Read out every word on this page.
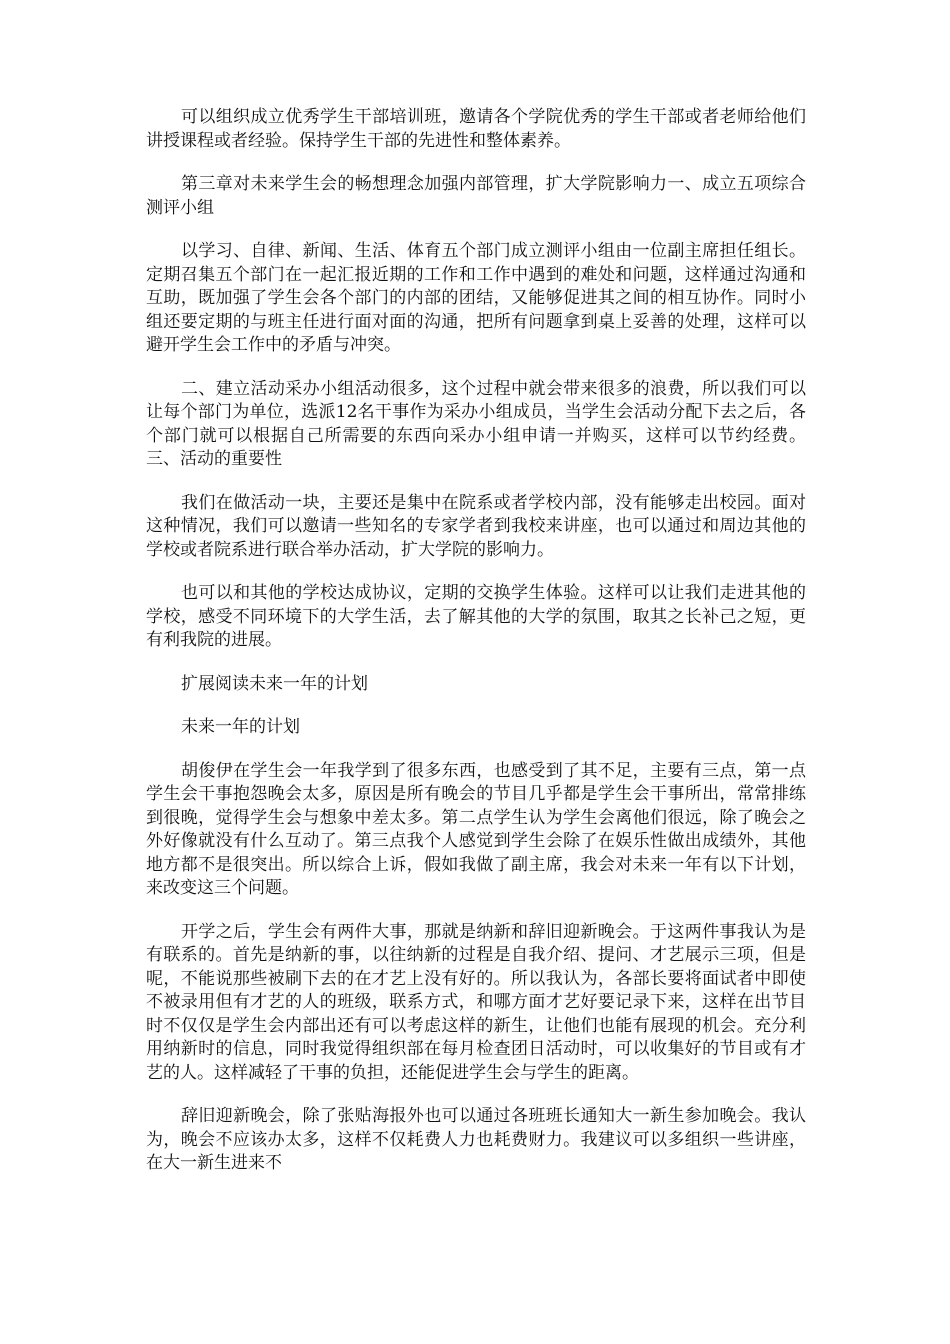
可以组织成立优秀学生干部培训班，邀请各个学院优秀的学生干部或者老师给他们讲授课程或者经验。保持学生干部的先进性和整体素养。

第三章对未来学生会的畅想理念加强内部管理，扩大学院影响力一、成立五项综合测评小组

以学习、自律、新闻、生活、体育五个部门成立测评小组由一位副主席担任组长。定期召集五个部门在一起汇报近期的工作和工作中遇到的难处和问题，这样通过沟通和互助，既加强了学生会各个部门的内部的团结，又能够促进其之间的相互协作。同时小组还要定期的与班主任进行面对面的沟通，把所有问题拿到桌上妥善的处理，这样可以避开学生会工作中的矛盾与冲突。

二、建立活动采办小组活动很多，这个过程中就会带来很多的浪费，所以我们可以让每个部门为单位，选派12名干事作为采办小组成员，当学生会活动分配下去之后，各个部门就可以根据自己所需要的东西向采办小组申请一并购买，这样可以节约经费。三、活动的重要性

我们在做活动一块，主要还是集中在院系或者学校内部，没有能够走出校园。面对这种情况，我们可以邀请一些知名的专家学者到我校来讲座，也可以通过和周边其他的学校或者院系进行联合举办活动，扩大学院的影响力。

也可以和其他的学校达成协议，定期的交换学生体验。这样可以让我们走进其他的学校，感受不同环境下的大学生活，去了解其他的大学的氛围，取其之长补己之短，更有利我院的进展。

扩展阅读未来一年的计划

未来一年的计划

胡俊伊在学生会一年我学到了很多东西，也感受到了其不足，主要有三点，第一点学生会干事抱怨晚会太多，原因是所有晚会的节目几乎都是学生会干事所出，常常排练到很晚，觉得学生会与想象中差太多。第二点学生认为学生会离他们很远，除了晚会之外好像就没有什么互动了。第三点我个人感觉到学生会除了在娱乐性做出成绩外，其他地方都不是很突出。所以综合上诉，假如我做了副主席，我会对未来一年有以下计划，来改变这三个问题。

开学之后，学生会有两件大事，那就是纳新和辞旧迎新晚会。于这两件事我认为是有联系的。首先是纳新的事，以往纳新的过程是自我介绍、提问、才艺展示三项，但是呢，不能说那些被刷下去的在才艺上没有好的。所以我认为，各部长要将面试者中即使不被录用但有才艺的人的班级，联系方式，和哪方面才艺好要记录下来，这样在出节目时不仅仅是学生会内部出还有可以考虑这样的新生，让他们也能有展现的机会。充分利用纳新时的信息，同时我觉得组织部在每月检查团日活动时，可以收集好的节目或有才艺的人。这样减轻了干事的负担，还能促进学生会与学生的距离。

辞旧迎新晚会，除了张贴海报外也可以通过各班班长通知大一新生参加晚会。我认为，晚会不应该办太多，这样不仅耗费人力也耗费财力。我建议可以多组织一些讲座，在大一新生进来不
